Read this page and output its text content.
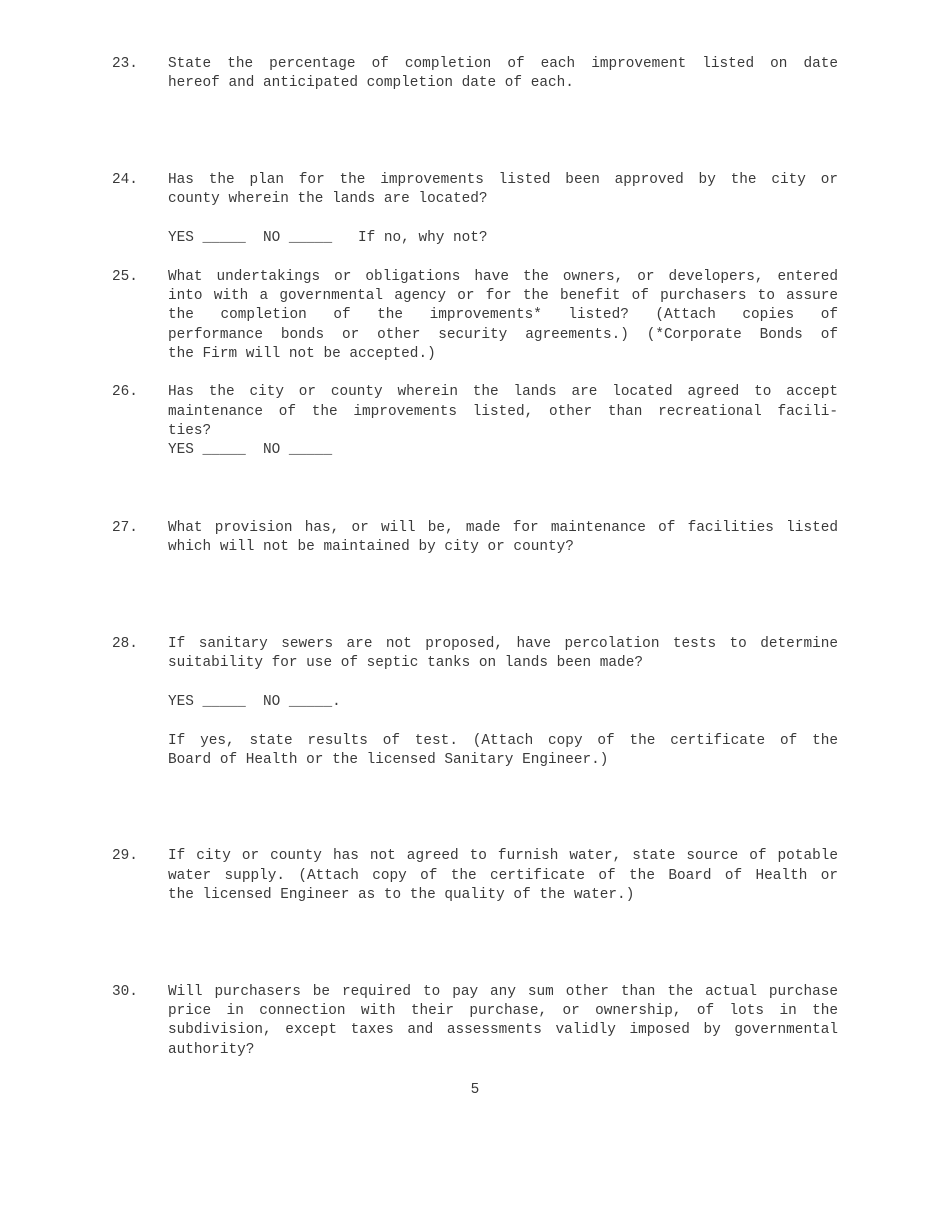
23. State the percentage of completion of each improvement listed on date
hereof and anticipated completion date of each.
24. Has the plan for the improvements listed been approved by the city or
county wherein the lands are located?
YES _____  NO _____   If no, why not?
25. What undertakings or obligations have the owners, or developers, entered
into with a governmental agency or for the benefit of purchasers to assure
the completion of the improvements* listed? (Attach copies of
performance bonds or other security agreements.) (*Corporate Bonds of
the Firm will not be accepted.)
26. Has the city or county wherein the lands are located agreed to accept
maintenance of the improvements listed, other than recreational facili-
ties?
YES _____  NO _____
27. What provision has, or will be, made for maintenance of facilities listed
which will not be maintained by city or county?
28. If sanitary sewers are not proposed, have percolation tests to determine
suitability for use of septic tanks on lands been made?
YES _____  NO _____.
If yes, state results of test. (Attach copy of the certificate of the
Board of Health or the licensed Sanitary Engineer.)
29. If city or county has not agreed to furnish water, state source of potable
water supply. (Attach copy of the certificate of the Board of Health or
the licensed Engineer as to the quality of the water.)
30. Will purchasers be required to pay any sum other than the actual purchase
price in connection with their purchase, or ownership, of lots in the
subdivision, except taxes and assessments validly imposed by governmental
authority?
5
